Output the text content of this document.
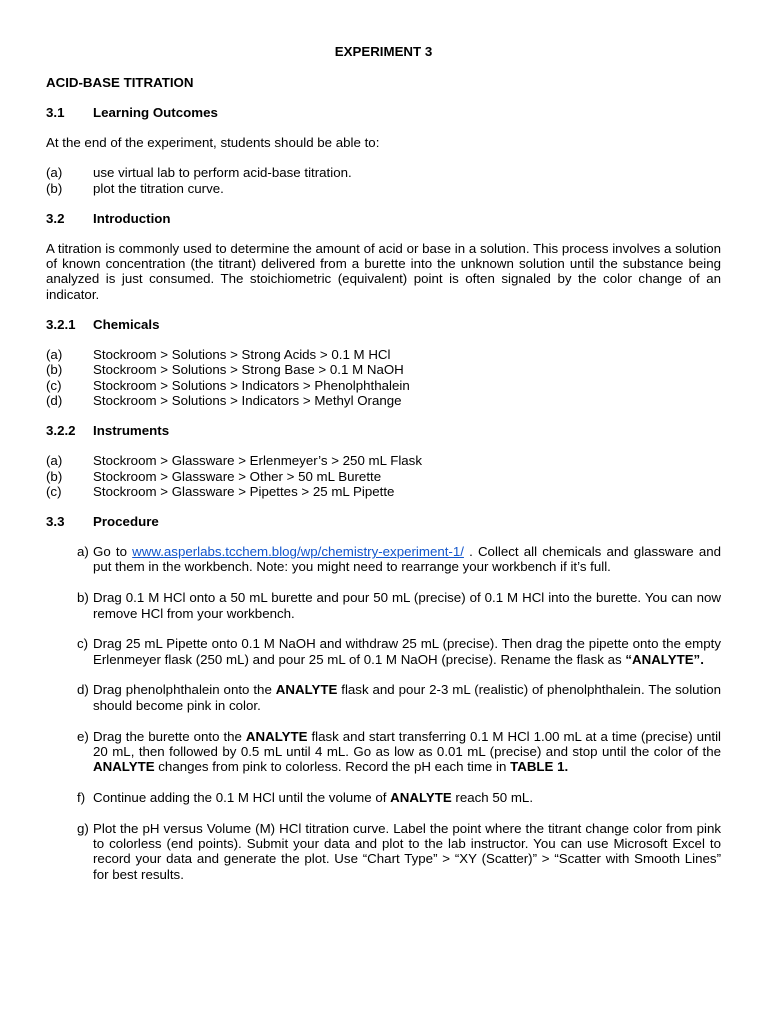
EXPERIMENT 3
ACID-BASE TITRATION
3.1 Learning Outcomes
At the end of the experiment, students should be able to:
(a)	use virtual lab to perform acid-base titration.
(b)	plot the titration curve.
3.2 Introduction
A titration is commonly used to determine the amount of acid or base in a solution. This process involves a solution of known concentration (the titrant) delivered from a burette into the unknown solution until the substance being analyzed is just consumed. The stoichiometric (equivalent) point is often signaled by the color change of an indicator.
3.2.1 Chemicals
(a)	Stockroom > Solutions > Strong Acids > 0.1 M HCl
(b)	Stockroom > Solutions > Strong Base > 0.1 M NaOH
(c)	Stockroom > Solutions > Indicators > Phenolphthalein
(d)	Stockroom > Solutions > Indicators > Methyl Orange
3.2.2 Instruments
(a)	Stockroom > Glassware > Erlenmeyer’s > 250 mL Flask
(b)	Stockroom > Glassware > Other > 50 mL Burette
(c)	Stockroom > Glassware > Pipettes > 25 mL Pipette
3.3 Procedure
a) Go to www.asperlabs.tcchem.blog/wp/chemistry-experiment-1/ . Collect all chemicals and glassware and put them in the workbench. Note: you might need to rearrange your workbench if it’s full.
b) Drag 0.1 M HCl onto a 50 mL burette and pour 50 mL (precise) of 0.1 M HCl into the burette. You can now remove HCl from your workbench.
c) Drag 25 mL Pipette onto 0.1 M NaOH and withdraw 25 mL (precise). Then drag the pipette onto the empty Erlenmeyer flask (250 mL) and pour 25 mL of 0.1 M NaOH (precise). Rename the flask as “ANALYTE”.
d) Drag phenolphthalein onto the ANALYTE flask and pour 2-3 mL (realistic) of phenolphthalein. The solution should become pink in color.
e) Drag the burette onto the ANALYTE flask and start transferring 0.1 M HCl 1.00 mL at a time (precise) until 20 mL, then followed by 0.5 mL until 4 mL. Go as low as 0.01 mL (precise) and stop until the color of the ANALYTE changes from pink to colorless. Record the pH each time in TABLE 1.
f) Continue adding the 0.1 M HCl until the volume of ANALYTE reach 50 mL.
g) Plot the pH versus Volume (M) HCl titration curve. Label the point where the titrant change color from pink to colorless (end points). Submit your data and plot to the lab instructor. You can use Microsoft Excel to record your data and generate the plot. Use “Chart Type” > “XY (Scatter)” > “Scatter with Smooth Lines” for best results.
